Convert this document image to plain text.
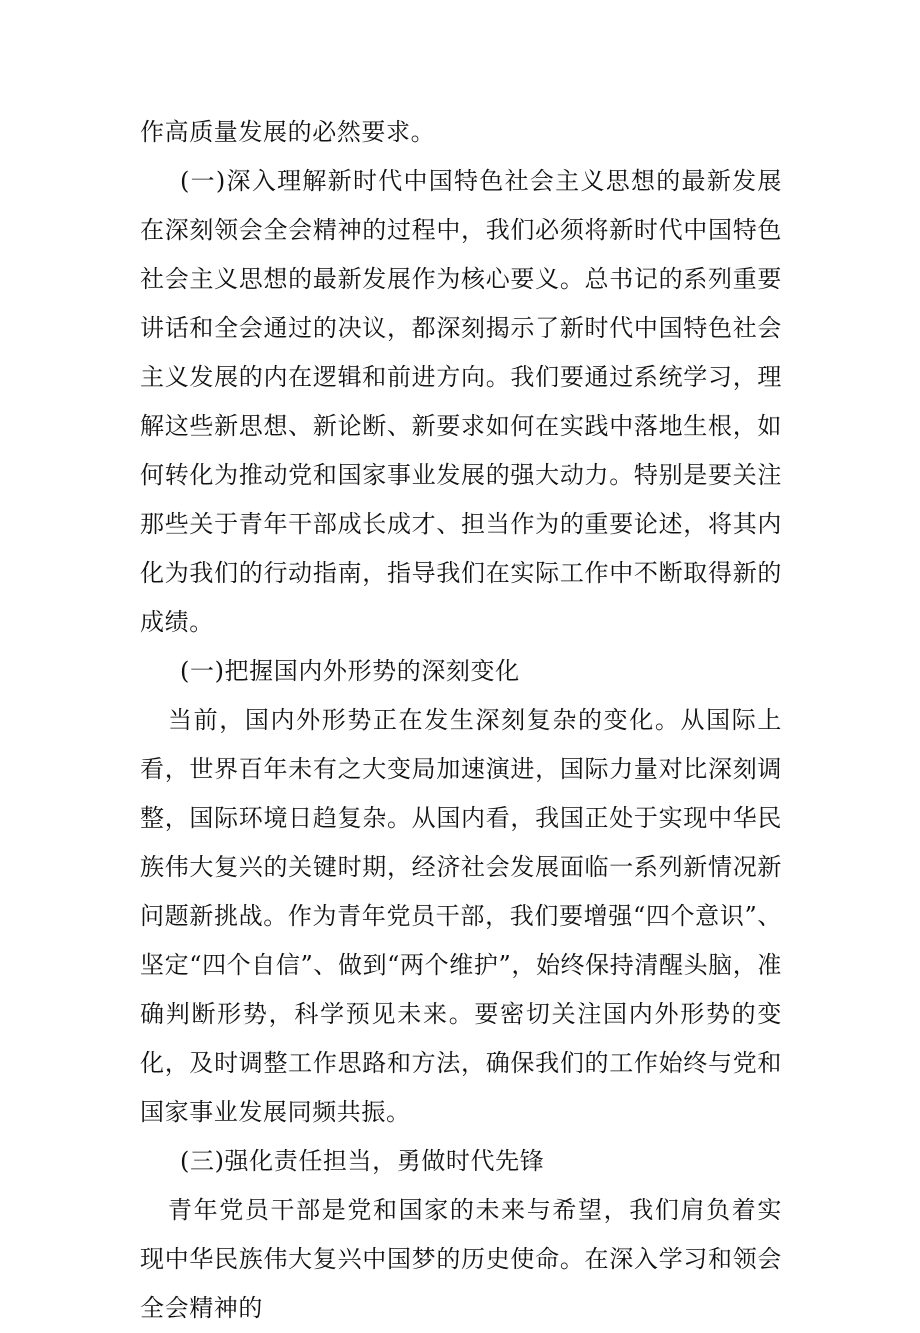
作高质量发展的必然要求。

(一)深入理解新时代中国特色社会主义思想的最新发展在深刻领会全会精神的过程中，我们必须将新时代中国特色社会主义思想的最新发展作为核心要义。总书记的系列重要讲话和全会通过的决议，都深刻揭示了新时代中国特色社会主义发展的内在逻辑和前进方向。我们要通过系统学习，理解这些新思想、新论断、新要求如何在实践中落地生根，如何转化为推动党和国家事业发展的强大动力。特别是要关注那些关于青年干部成长成才、担当作为的重要论述，将其内化为我们的行动指南，指导我们在实际工作中不断取得新的成绩。

(一)把握国内外形势的深刻变化

当前，国内外形势正在发生深刻复杂的变化。从国际上看，世界百年未有之大变局加速演进，国际力量对比深刻调整，国际环境日趋复杂。从国内看，我国正处于实现中华民族伟大复兴的关键时期，经济社会发展面临一系列新情况新问题新挑战。作为青年党员干部，我们要增强“四个意识”、坚定“四个自信”、做到“两个维护”，始终保持清醒头脑，准确判断形势，科学预见未来。要密切关注国内外形势的变化，及时调整工作思路和方法，确保我们的工作始终与党和国家事业发展同频共振。

(三)强化责任担当，勇做时代先锋

青年党员干部是党和国家的未来与希望，我们肩负着实现中华民族伟大复兴中国梦的历史使命。在深入学习和领会全会精神的
